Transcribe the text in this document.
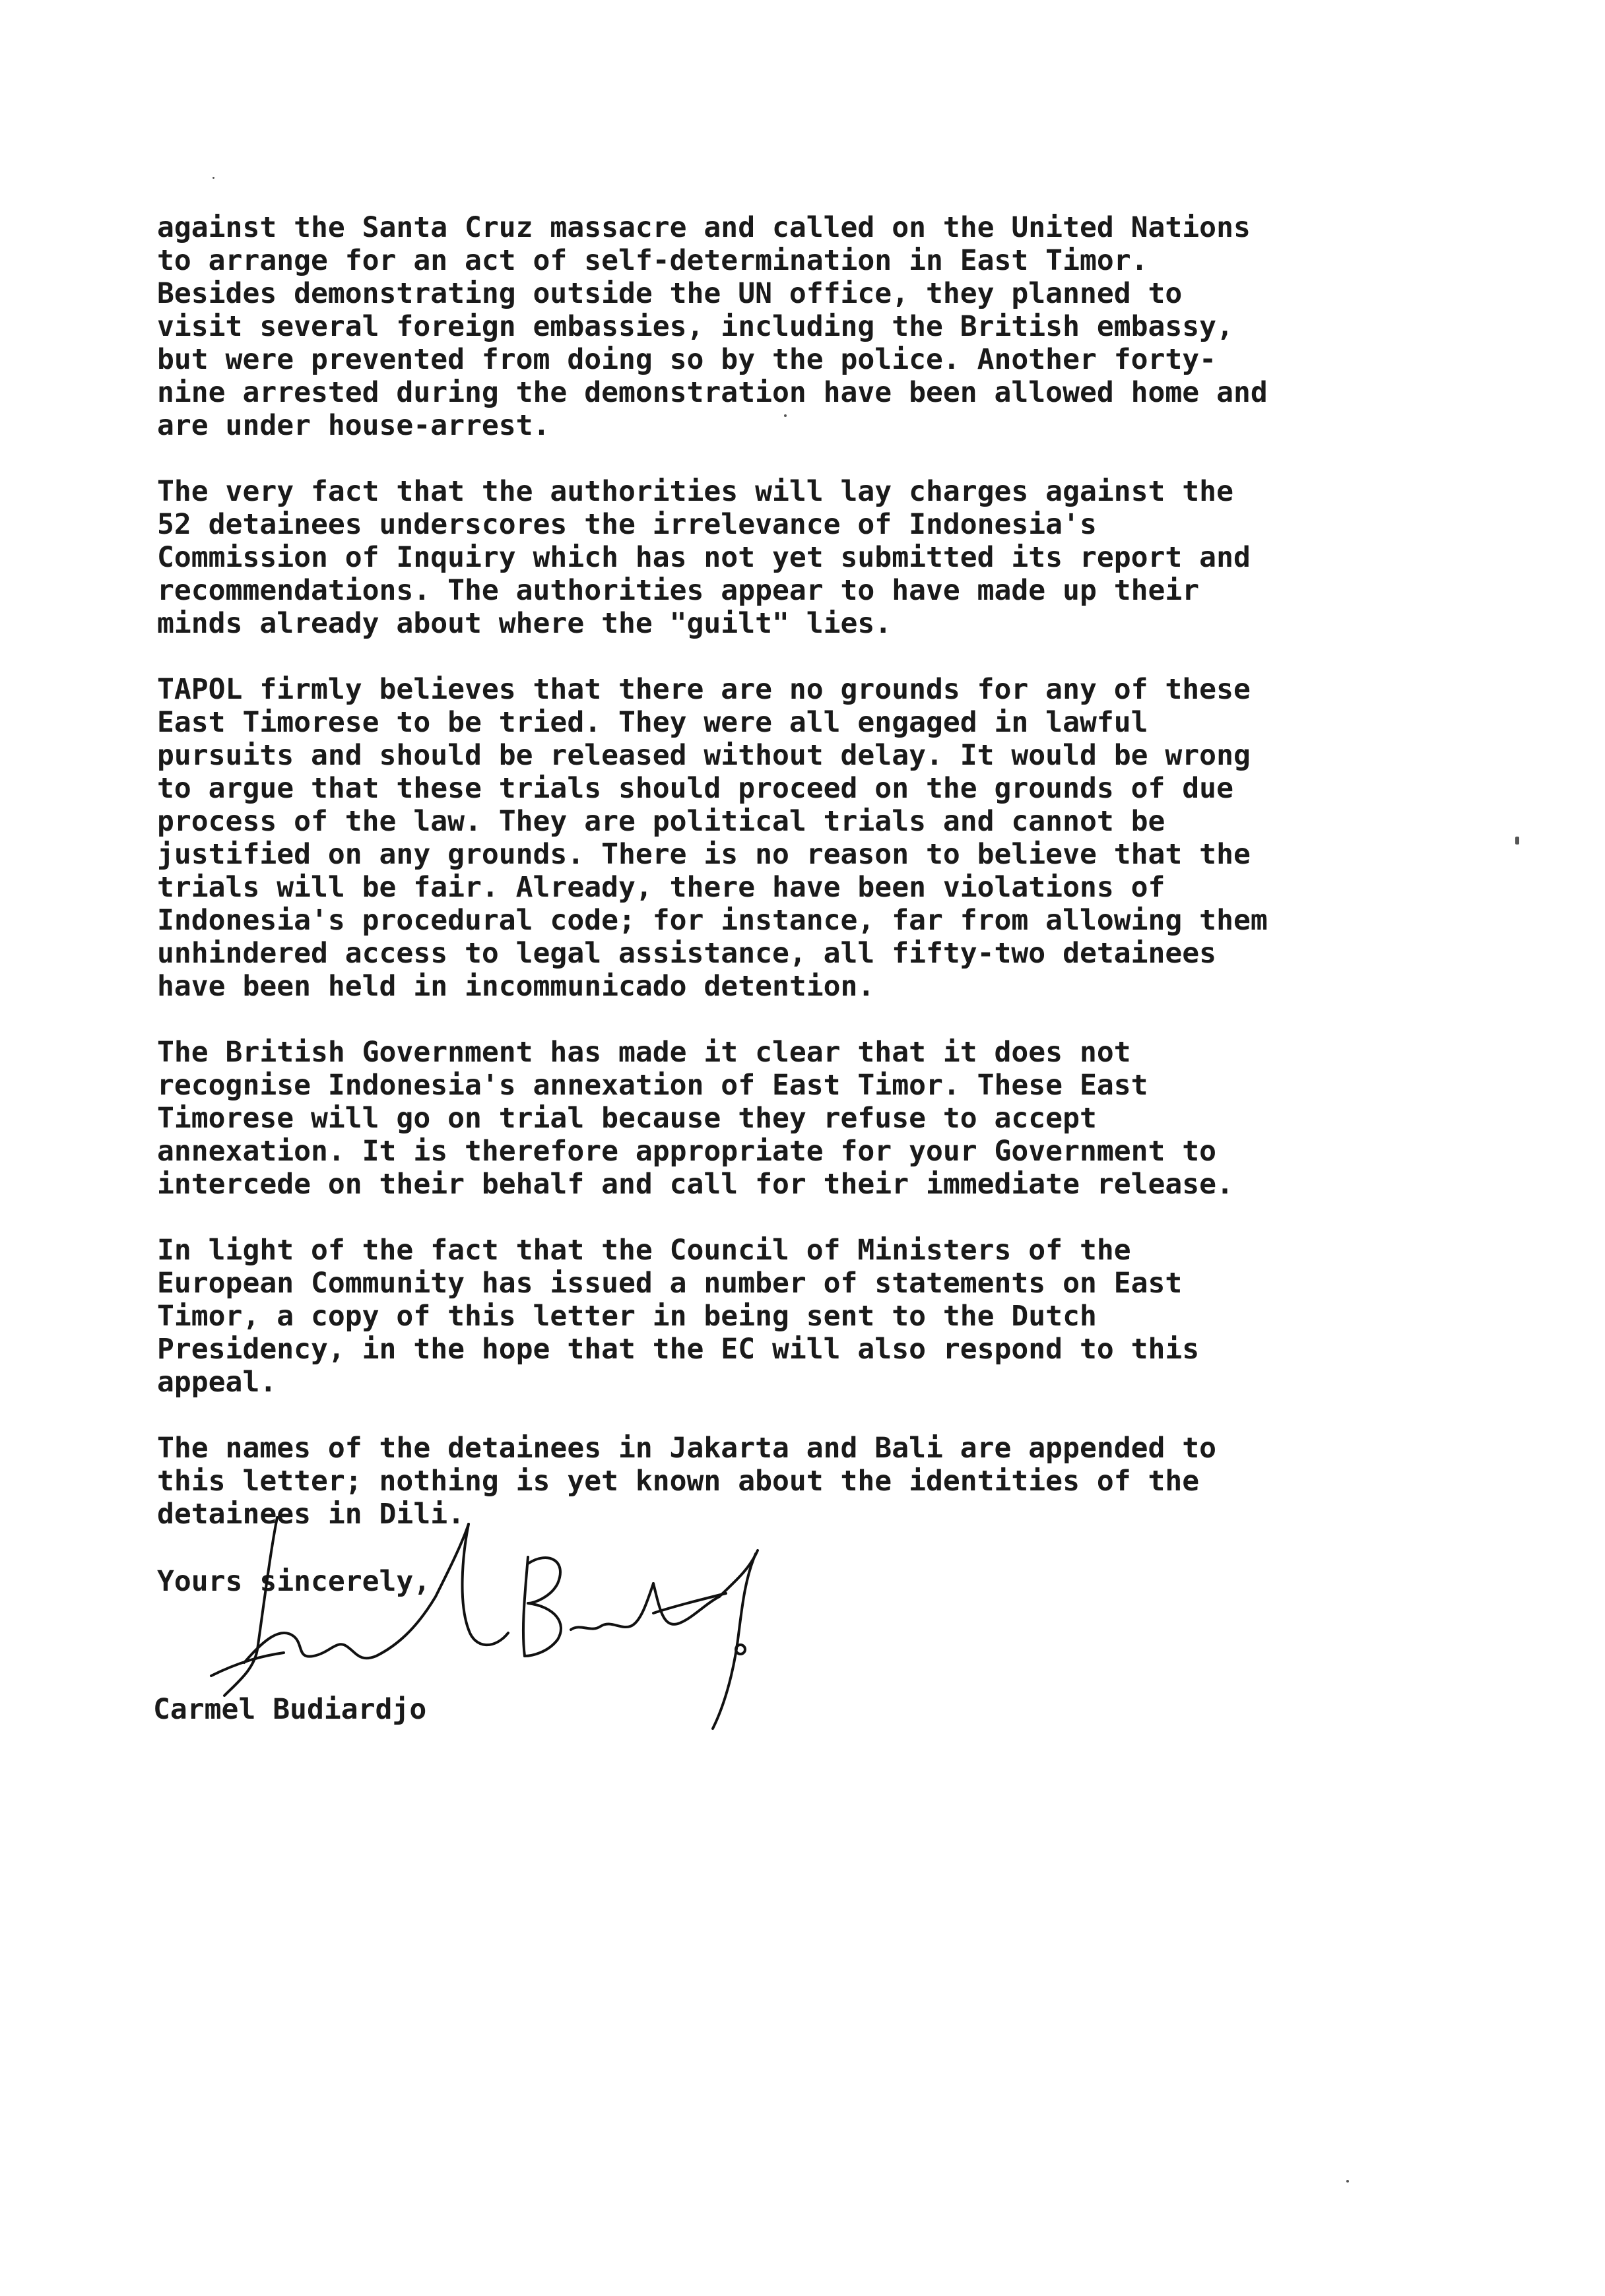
against the Santa Cruz massacre and called on the United Nations
to arrange for an act of self-determination in East Timor.
Besides demonstrating outside the UN office, they planned to
visit several foreign embassies, including the British embassy,
but were prevented from doing so by the police. Another forty-
nine arrested during the demonstration have been allowed home and
are under house-arrest.

The very fact that the authorities will lay charges against the
52 detainees underscores the irrelevance of Indonesia's
Commission of Inquiry which has not yet submitted its report and
recommendations. The authorities appear to have made up their
minds already about where the "guilt" lies.

TAPOL firmly believes that there are no grounds for any of these
East Timorese to be tried. They were all engaged in lawful
pursuits and should be released without delay. It would be wrong
to argue that these trials should proceed on the grounds of due
process of the law. They are political trials and cannot be
justified on any grounds. There is no reason to believe that the
trials will be fair. Already, there have been violations of
Indonesia's procedural code; for instance, far from allowing them
unhindered access to legal assistance, all fifty-two detainees
have been held in incommunicado detention.

The British Government has made it clear that it does not
recognise Indonesia's annexation of East Timor. These East
Timorese will go on trial because they refuse to accept
annexation. It is therefore appropriate for your Government to
intercede on their behalf and call for their immediate release.

In light of the fact that the Council of Ministers of the
European Community has issued a number of statements on East
Timor, a copy of this letter in being sent to the Dutch
Presidency, in the hope that the EC will also respond to this
appeal.

The names of the detainees in Jakarta and Bali are appended to
this letter; nothing is yet known about the identities of the
detainees in Dili.

Yours sincerely,
Carmel Budiardjo
